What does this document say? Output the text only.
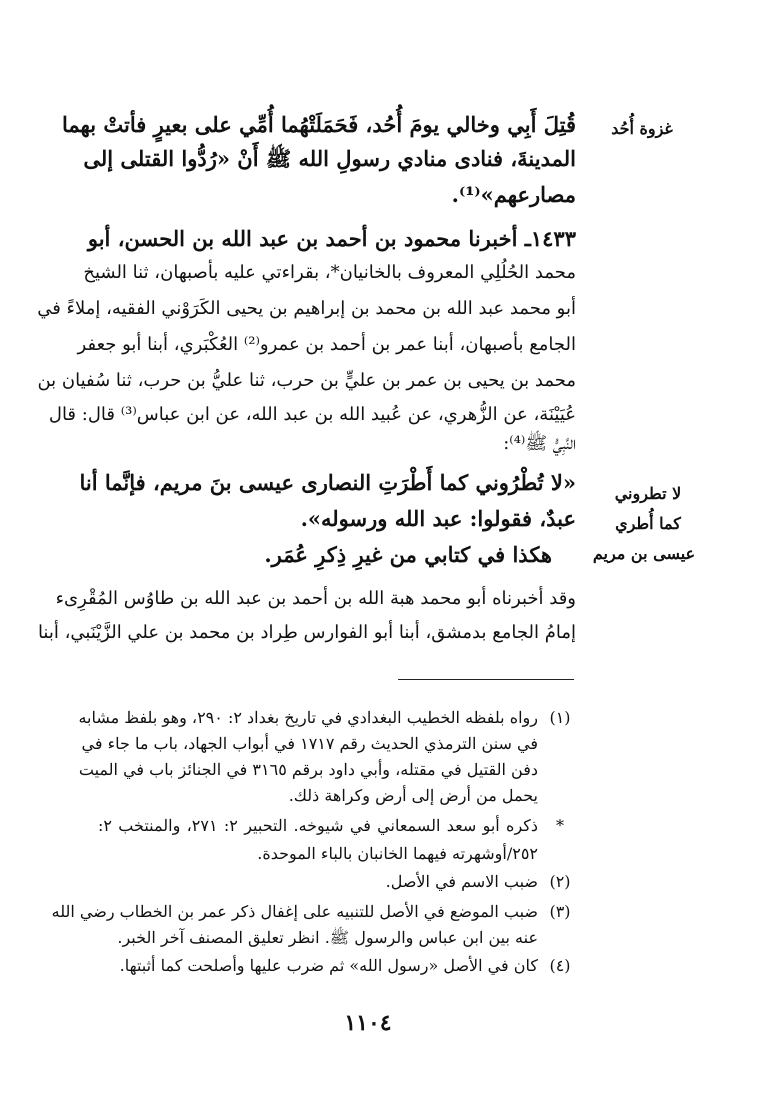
غزوة أُحُد
لا تطروني
كما أُطري
عيسى بن مريم
قُتِلَ أَبِي وخالي يومَ أُحُد، فَحَمَلَتْهُما أُمِّي على بعيرٍ فأتتْ بهما
المدينةَ، فنادى منادي رسولِ الله ﷺ أَنْ «رُدُّوا القتلى إلى
مصارعهم»⁽¹⁾.
١٤٣٣ـ أخبرنا محمود بن أحمد بن عبد الله بن الحسن، أبو
محمد الحُلُلِي المعروف بالخانيان*، بقراءتي عليه بأصبهان، ثنا الشيخ
أبو محمد عبد الله بن محمد بن إبراهيم بن يحيى الكَرَوْني الفقيه، إملاءً في
الجامع بأصبهان، أبنا عمر بن أحمد بن عمرو⁽²⁾ العُكْبَري، أبنا أبو جعفر
محمد بن يحيى بن عمر بن عليٍّ بن حرب، ثنا عليُّ بن حرب، ثنا سُفيان بن
عُيَيْنَة، عن الزُّهري، عن عُبيد الله بن عبد الله، عن ابن عباس⁽³⁾ قال: قال
النَّبِيُّ ﷺ⁽⁴⁾:
«لا تُطْرُوني كما أَطْرَتِ النصارى عيسى بنَ مريم، فإنَّما أنا
عبدٌ، فقولوا: عبد الله ورسوله».
هكذا في كتابي من غيرِ ذِكرِ عُمَر.
وقد أخبرناه أبو محمد هبة الله بن أحمد بن عبد الله بن طاوُس المُقْرِىء
إمامُ الجامع بدمشق، أبنا أبو الفوارس طِراد بن محمد بن علي الزَّيْنَبي، أبنا
(١)
رواه بلفظه الخطيب البغدادي في تاريخ بغداد ٢: ٢٩٠، وهو بلفظ مشابه
في سنن الترمذي الحديث رقم ١٧١٧ في أبواب الجهاد، باب ما جاء في
دفن القتيل في مقتله، وأبي داود برقم ٣١٦٥ في الجنائز باب في الميت
يحمل من أرض إلى أرض وكراهة ذلك.
*
ذكره أبو سعد السمعاني في شيوخه. التحبير ٢: ٢٧١، والمنتخب ٢:
٢٥٢/أوشهرته فيهما الخانبان بالباء الموحدة.
(٢)
ضبب الاسم في الأصل.
(٣)
ضبب الموضع في الأصل للتنبيه على إغفال ذكر عمر بن الخطاب رضي الله
عنه بين ابن عباس والرسول ﷺ. انظر تعليق المصنف آخر الخبر.
(٤)
كان في الأصل «رسول الله» ثم ضرب عليها وأصلحت كما أثبتها.
١١٠٤
